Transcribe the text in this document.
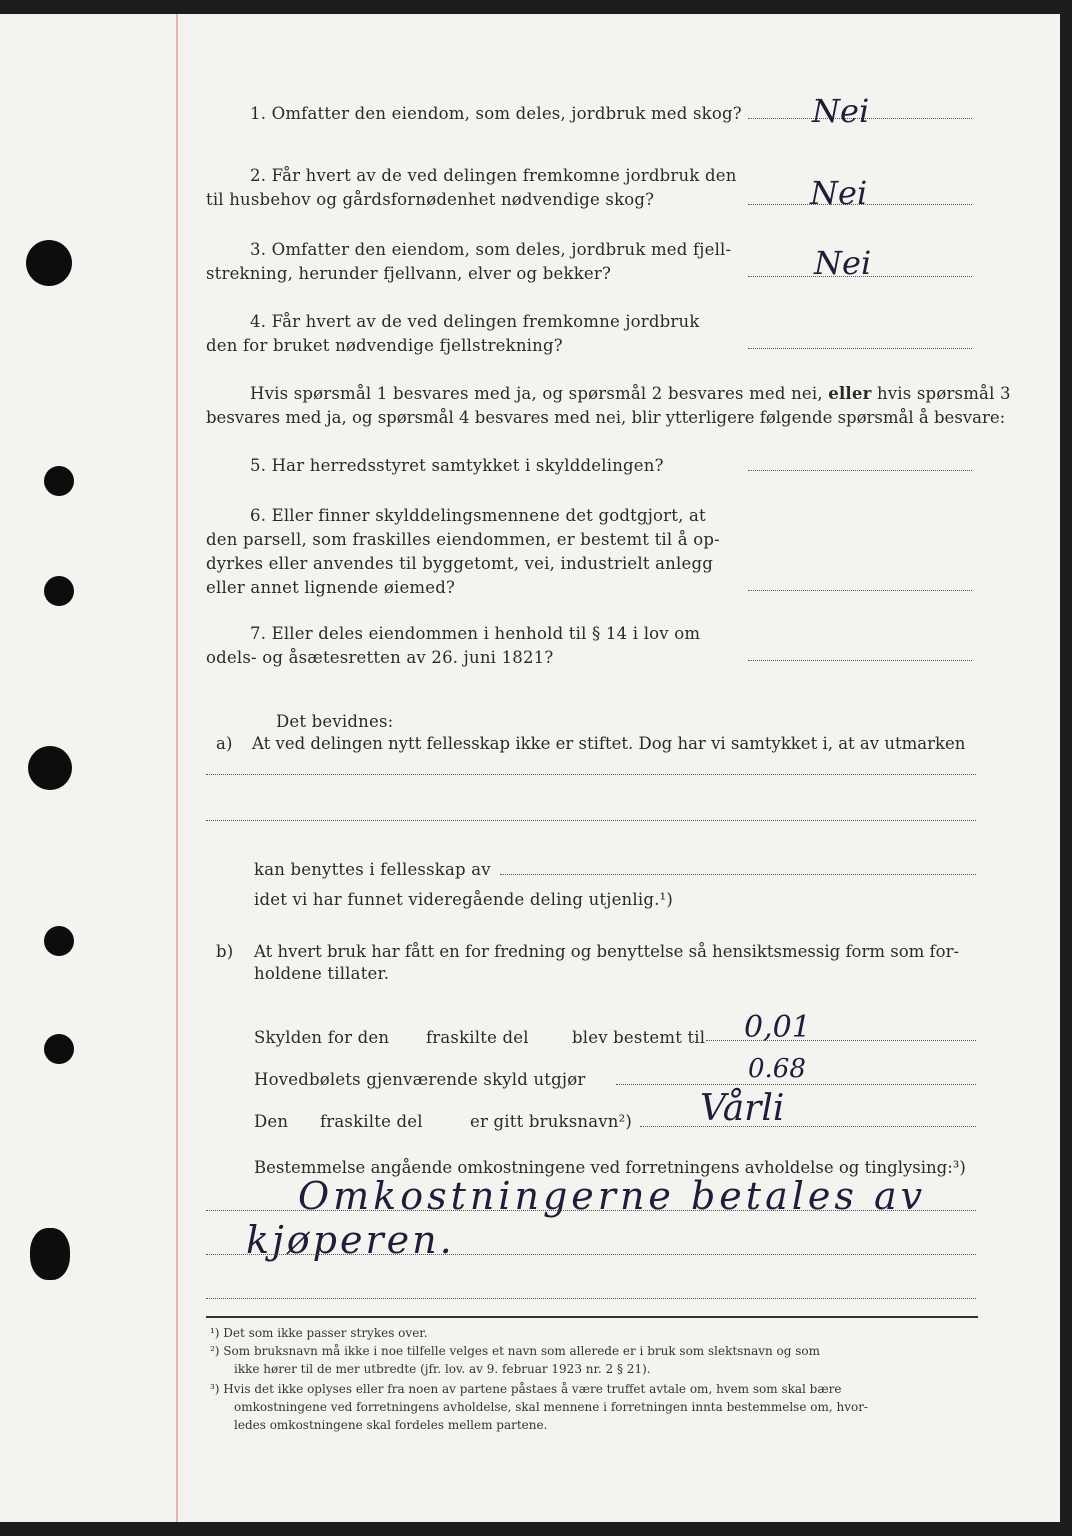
1. Omfatter den eiendom, som deles, jordbruk med skog? Nei
2. Får hvert av de ved delingen fremkomne jordbruk den
til husbehov og gårdsfornødenhet nødvendige skog?	Nei
3. Omfatter den eiendom, som deles, jordbruk med fjell-
strekning, herunder fjellvann, elver og bekker?	Nei
4. Får hvert av de ved delingen fremkomne jordbruk
den for bruket nødvendige fjellstrekning?
Hvis spørsmål 1 besvares med ja, og spørsmål 2 besvares med nei, eller hvis spørsmål 3
besvares med ja, og spørsmål 4 besvares med nei, blir ytterligere følgende spørsmål å besvare:
5. Har herredsstyret samtykket i skylddelingen?
6. Eller finner skylddelingsmennene det godtgjort, at
den parsell, som fraskilles eiendommen, er bestemt til å op-
dyrkes eller anvendes til byggetomt, vei, industrielt anlegg
eller annet lignende øiemed?
7. Eller deles eiendommen i henhold til § 14 i lov om
odels- og åsætesretten av 26. juni 1821?
Det bevidnes:
a) At ved delingen nytt fellesskap ikke er stiftet. Dog har vi samtykket i, at av utmarken
kan benyttes i fellesskap av
idet vi har funnet videregående deling utjenlig.¹)
b) At hvert bruk har fått en for fredning og benyttelse så hensiktsmessig form som for-
holdene tillater.
Skylden for den fraskilte del	blev bestemt til 0,01
Hovedbølets gjenværende skyld utgjør	0.68
Den fraskilte del	er gitt bruksnavn²) Vårli
Bestemmelse angående omkostningene ved forretningens avholdelse og tinglysing:³)
Omkostningerne betales av
kjøperen.
¹) Det som ikke passer strykes over.
²) Som bruksnavn må ikke i noe tilfelle velges et navn som allerede er i bruk som slektsnavn og som
ikke hører til de mer utbredte (jfr. lov. av 9. februar 1923 nr. 2 § 21).
³) Hvis det ikke oplyses eller fra noen av partene påstaes å være truffet avtale om, hvem som skal bære
omkostningene ved forretningens avholdelse, skal mennene i forretningen innta bestemmelse om, hvor-
ledes omkostningene skal fordeles mellem partene.
